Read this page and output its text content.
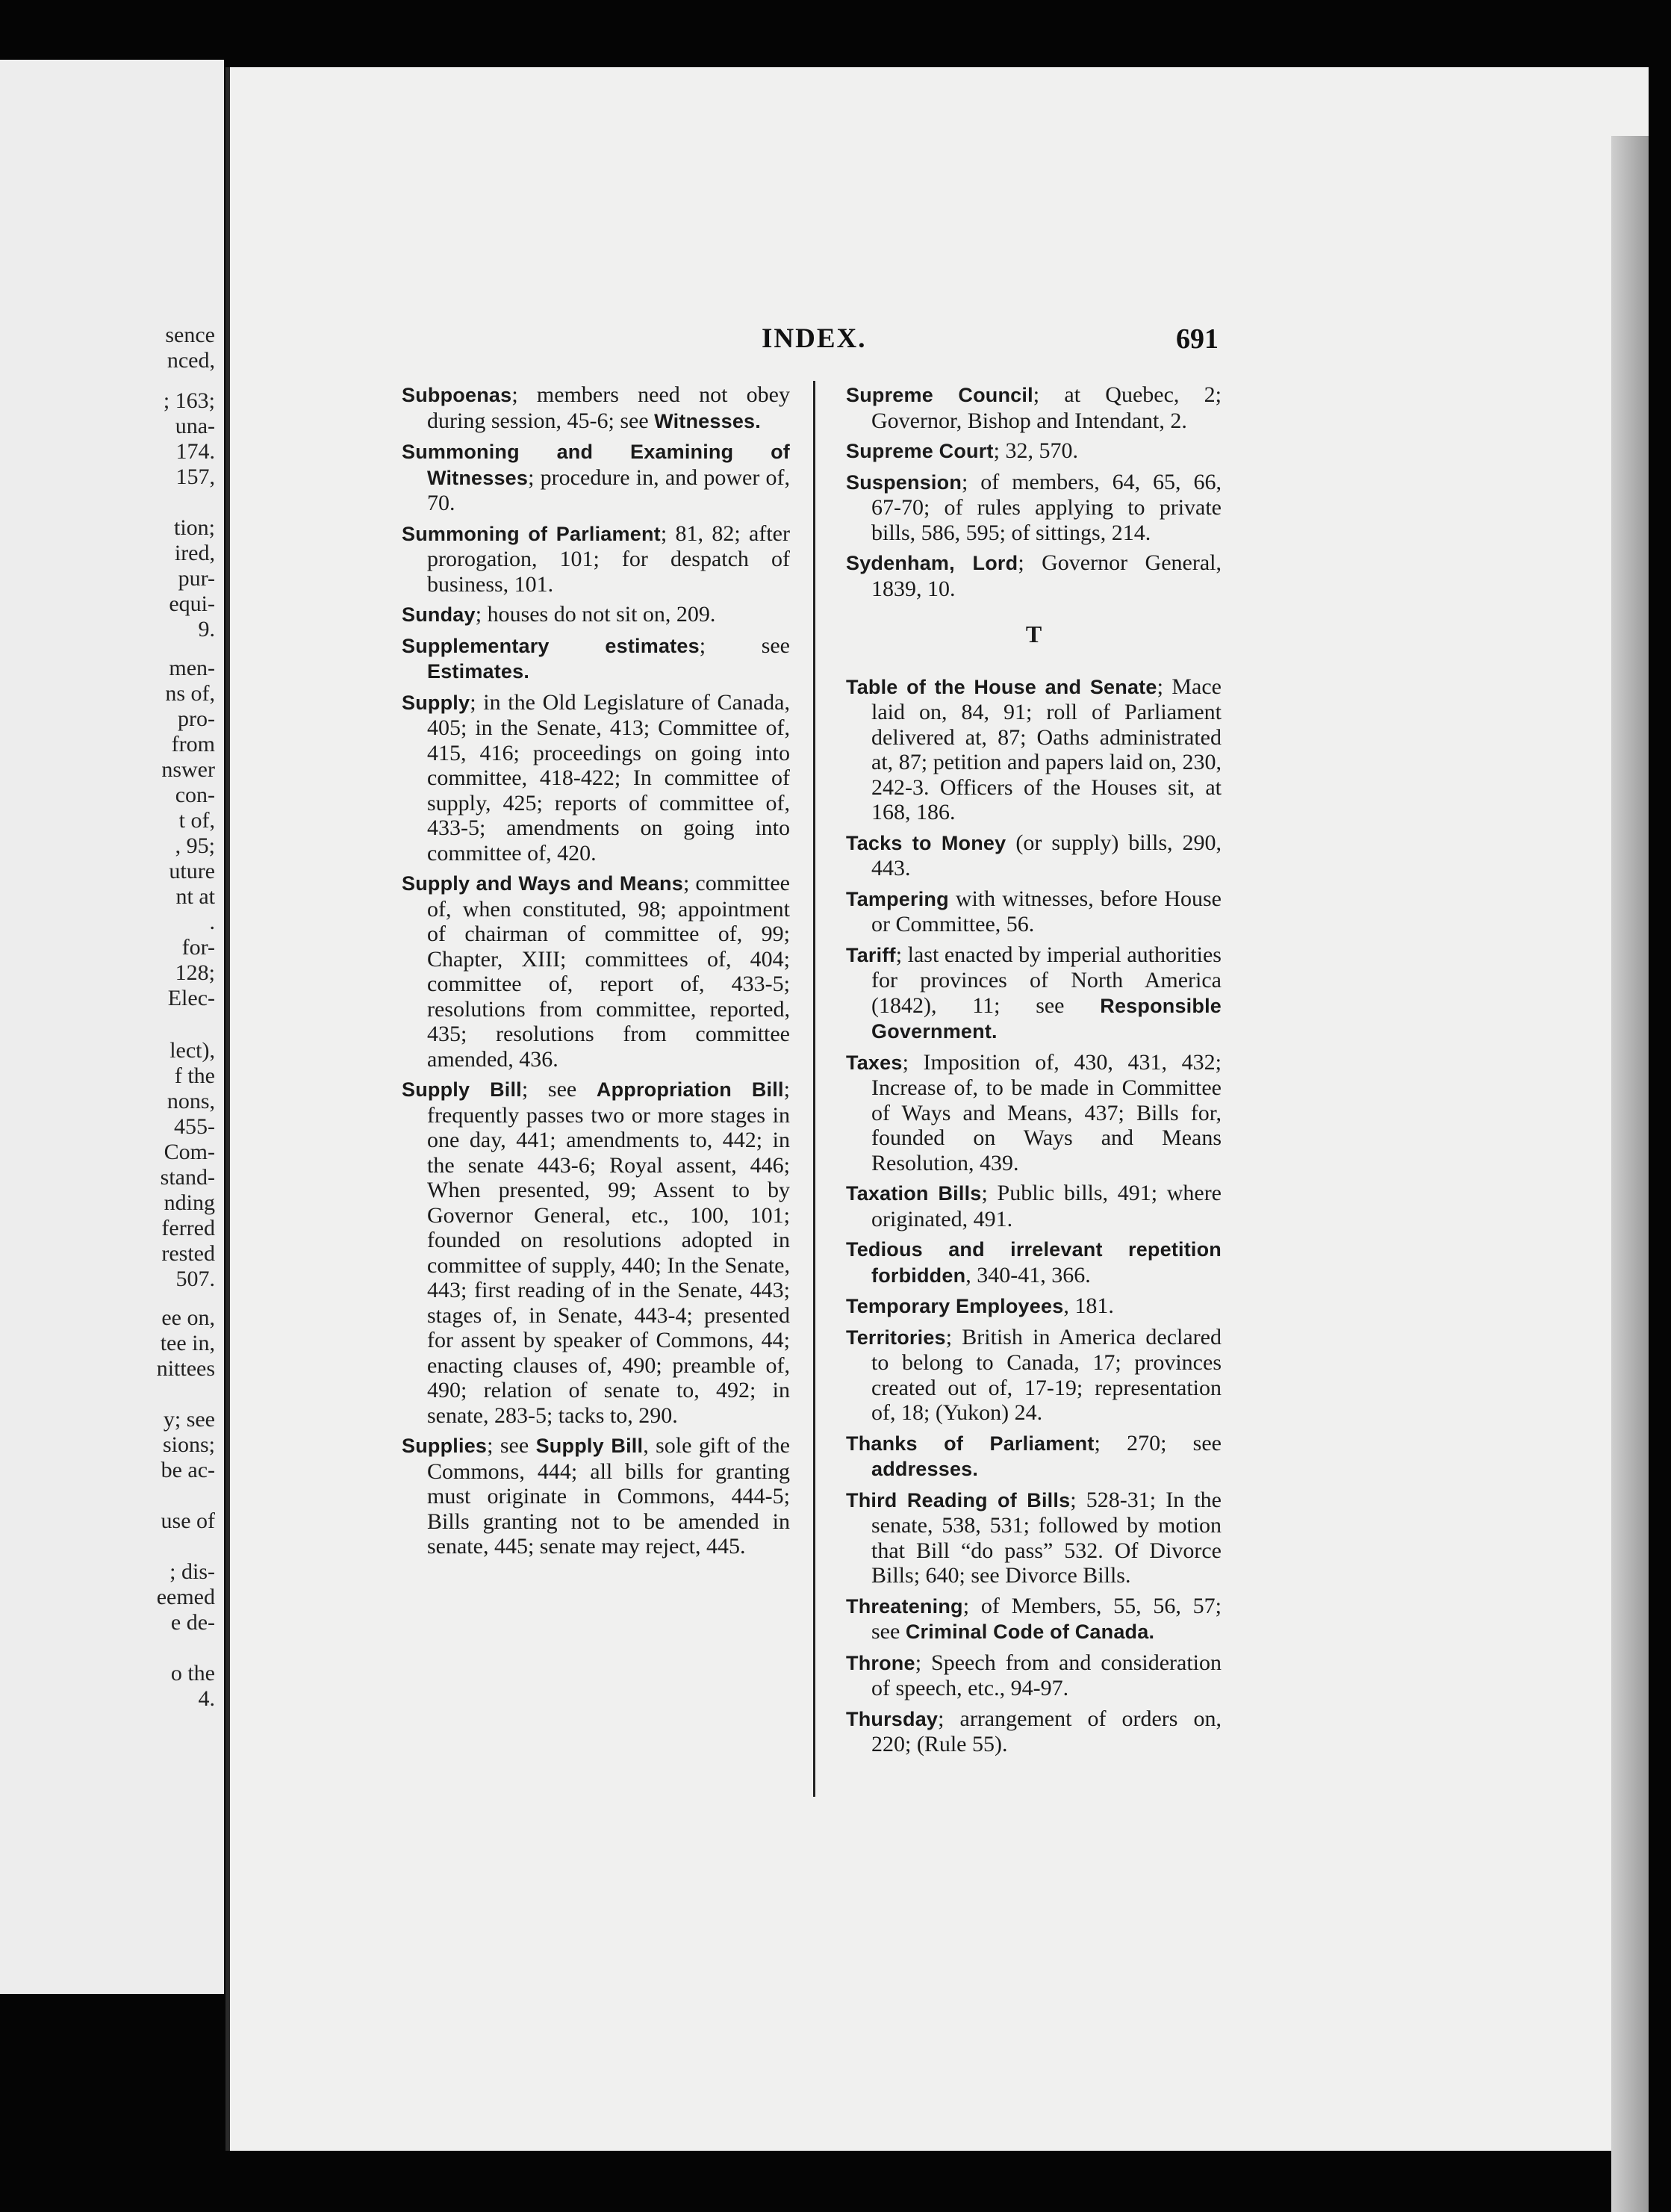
sence
nced,
; 163;
una-
174.
157,
tion;
ired,
pur-
equi-
9.
men-
ns of,
pro-
from
nswer
con-
t of,
, 95;
uture
nt at
.
for-
128;
Elec-
lect),
f the
nons,
455-
Com-
stand-
nding
ferred
rested
507.
ee on,
tee in,
nittees
y; see
sions;
be ac-
use of
; dis-
eemed
e de-
o the
4.
INDEX.	691
Subpoenas; members need not obey during session, 45-6; see Witnesses.
Summoning and Examining of Witnesses; procedure in, and power of, 70.
Summoning of Parliament; 81, 82; after prorogation, 101; for despatch of business, 101.
Sunday; houses do not sit on, 209.
Supplementary estimates; see Estimates.
Supply; in the Old Legislature of Canada, 405; in the Senate, 413; Committee of, 415, 416; proceedings on going into committee, 418-422; In committee of supply, 425; reports of committee of, 433-5; amendments on going into committee of, 420.
Supply and Ways and Means; committee of, when constituted, 98; appointment of chairman of committee of, 99; Chapter, XIII; committees of, 404; committee of, report of, 433-5; resolutions from committee, reported, 435; resolutions from committee amended, 436.
Supply Bill; see Appropriation Bill; frequently passes two or more stages in one day, 441; amendments to, 442; in the senate 443-6; Royal assent, 446; When presented, 99; Assent to by Governor General, etc., 100, 101; founded on resolutions adopted in committee of supply, 440; In the Senate, 443; first reading of in the Senate, 443; stages of, in Senate, 443-4; presented for assent by speaker of Commons, 44; enacting clauses of, 490; preamble of, 490; relation of senate to, 492; in senate, 283-5; tacks to, 290.
Supplies; see Supply Bill, sole gift of the Commons, 444; all bills for granting must originate in Commons, 444-5; Bills granting not to be amended in senate, 445; senate may reject, 445.
Supreme Council; at Quebec, 2; Governor, Bishop and Intendant, 2.
Supreme Court; 32, 570.
Suspension; of members, 64, 65, 66, 67-70; of rules applying to private bills, 586, 595; of sittings, 214.
Sydenham, Lord; Governor General, 1839, 10.
T
Table of the House and Senate; Mace laid on, 84, 91; roll of Parliament delivered at, 87; Oaths administrated at, 87; petition and papers laid on, 230, 242-3. Officers of the Houses sit, at 168, 186.
Tacks to Money (or supply) bills, 290, 443.
Tampering with witnesses, before House or Committee, 56.
Tariff; last enacted by imperial authorities for provinces of North America (1842), 11; see Responsible Government.
Taxes; Imposition of, 430, 431, 432; Increase of, to be made in Committee of Ways and Means, 437; Bills for, founded on Ways and Means Resolution, 439.
Taxation Bills; Public bills, 491; where originated, 491.
Tedious and irrelevant repetition forbidden, 340-41, 366.
Temporary Employees, 181.
Territories; British in America declared to belong to Canada, 17; provinces created out of, 17-19; representation of, 18; (Yukon) 24.
Thanks of Parliament; 270; see addresses.
Third Reading of Bills; 528-31; In the senate, 538, 531; followed by motion that Bill “do pass” 532. Of Divorce Bills; 640; see Divorce Bills.
Threatening; of Members, 55, 56, 57; see Criminal Code of Canada.
Throne; Speech from and consideration of speech, etc., 94-97.
Thursday; arrangement of orders on, 220; (Rule 55).
